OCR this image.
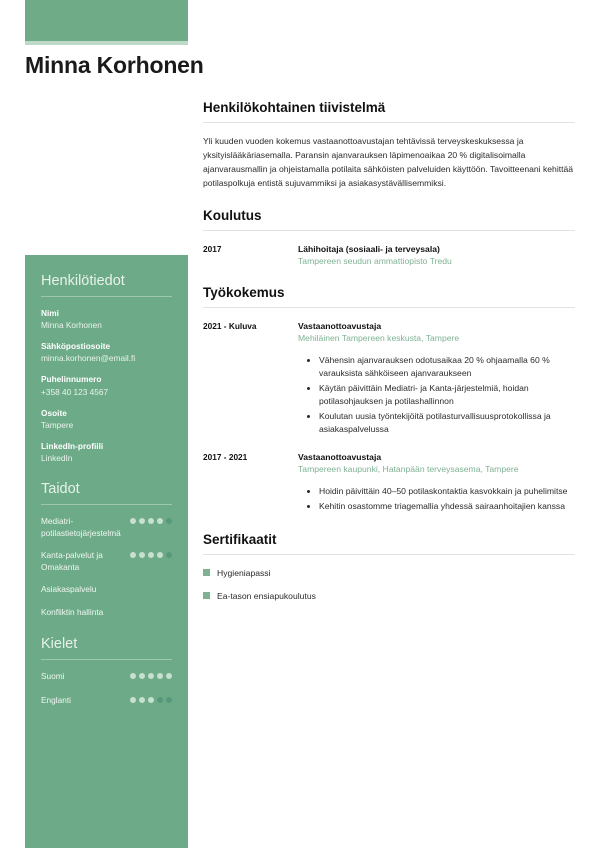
Minna Korhonen
Henkilötiedot
Nimi
Minna Korhonen
Sähköpostiosoite
minna.korhonen@email.fi
Puhelinnumero
+358 40 123 4567
Osoite
Tampere
LinkedIn-profiili
LinkedIn
Taidot
Mediatri-potilastietojärjestelmä
Kanta-palvelut ja Omakanta
Asiakaspalvelu
Konfliktin hallinta
Kielet
Suomi
Englanti
Henkilökohtainen tiivistelmä

Yli kuuden vuoden kokemus vastaanottoavustajan tehtävissä terveyskeskuksessa ja yksityislääkäriasemalla. Paransin ajanvarauksen läpimenoaikaa 20 % digitalisoimalla ajanvarausmallin ja ohjeistamalla potilaita sähköisten palveluiden käyttöön. Tavoitteenani kehittää potilaspolkuja entistä sujuvammiksi ja asiakasystävällisemmiksi.

Koulutus
2017	Lähihoitaja (sosiaali- ja terveysala)
Tampereen seudun ammattiopisto Tredu
Työkokemus
2021 - Kuluva	Vastaanottoavustaja
Mehiläinen Tampereen keskusta, Tampere
• Vähensin ajanvarauksen odotusaikaa 20 % ohjaamalla 60 % varauksista sähköiseen ajanvaraukseen
• Käytän päivittäin Mediatri- ja Kanta-järjestelmiä, hoidan potilasohjauksen ja potilashallinnon
• Koulutan uusia työntekijöitä potilasturvallisuusprotokollissa ja asiakaspalvelussa
2017 - 2021	Vastaanottoavustaja
Tampereen kaupunki, Hatanpään terveysasema, Tampere
• Hoidin päivittäin 40–50 potilaskontaktia kasvokkain ja puhelimitse
• Kehitin osastomme triagemallia yhdessä sairaanhoitajien kanssa
Sertifikaatit
Hygieniapassi
Ea-tason ensiapukoulutus
